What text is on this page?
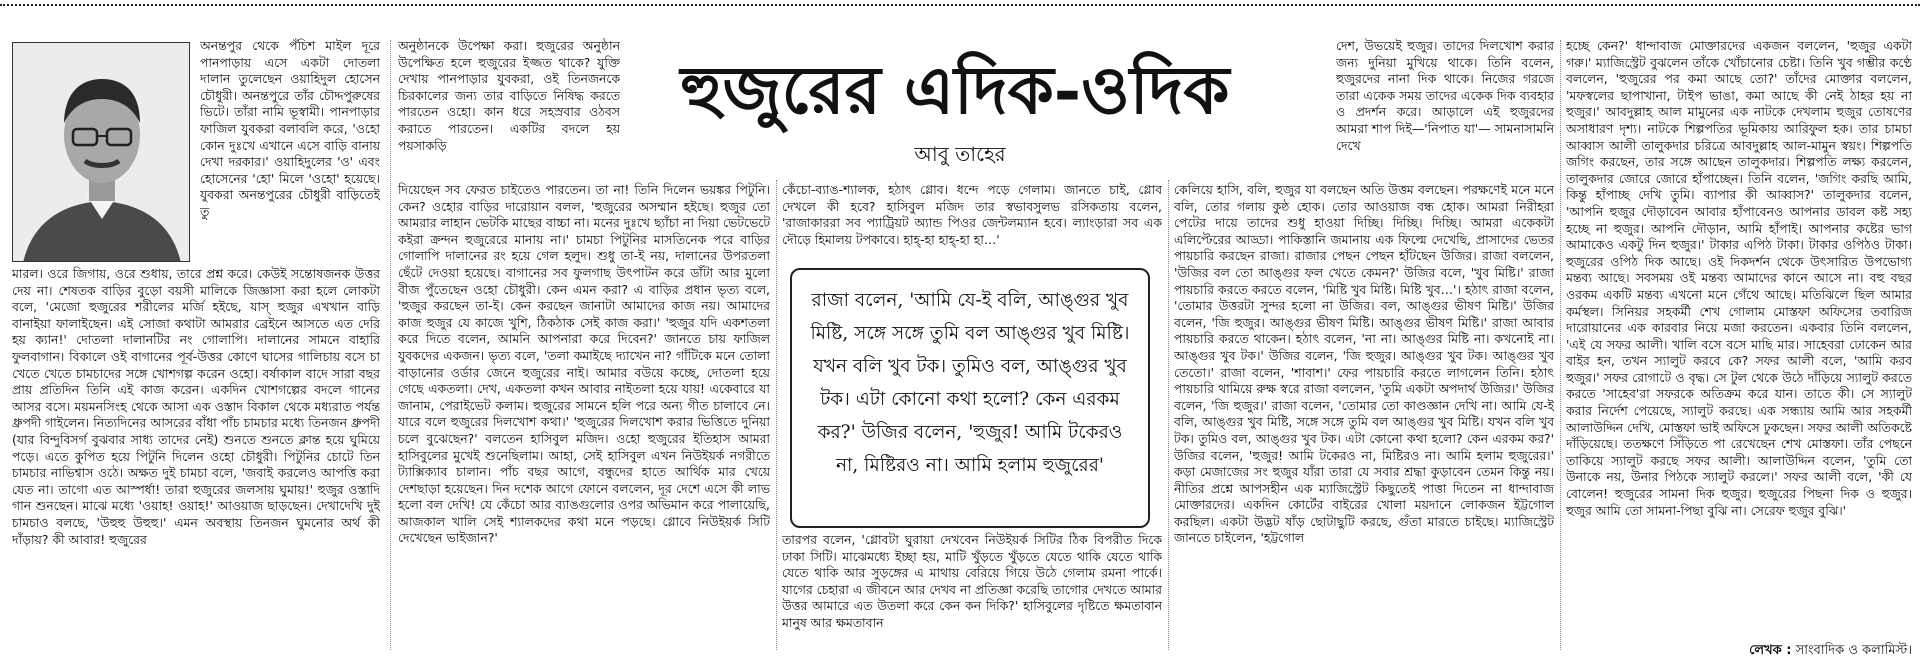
অনন্তপুর থেকে পঁচিশ মাইল দূরে পানপাড়ায় এসে একটা দোতলা দালান তুলেছেন ওয়াহিদুল হোসেন চৌধুরী। অনন্তপুরে তাঁর চৌদ্দপুরুষের ভিটে। তাঁরা নামি ভূস্বামী। পানপাড়ার ফাজিল যুবকরা বলাবলি করে, 'ওহো কোন দুঃখে এখানে এসে বাড়ি বানায় দেখা দরকার।' ওয়াহিদুলের 'ও' এবং হোসেনের 'হো' মিলে 'ওহো' হয়েছে। যুবকরা অনন্তপুরের চৌধুরী বাড়িতেই তু

মারল। ওরে জিগায়, ওরে শুধায়, তারে প্রশ্ন করে। কেউই সন্তোষজনক উত্তর দেয় না। শেষতক বাড়ির বুড়ো বয়সী মালিকে জিজ্ঞাসা করা হলে লোকটা বলে, 'মেজো হুজুরের শরীলের মর্জি হইছে, যাস্‌ হুজুর এখখান বাড়ি বানাইয়া ফালাইছেন। এই সোজা কথাটা আমরার ব্রেইনে আসতে এত দেরি হয় ক্যান!' দোতলা দালানটির নং গোলাপি। দালানের সামনে বাহারি ফুলবাগান। বিকালে ওই বাগানের পূর্ব-উত্তর কোণে ঘাসের গালিচায় বসে চা খেতে খেতে চামচাদের সঙ্গে খোশগল্প করেন ওহো। বর্ষাকাল বাদে সারা বছর প্রায় প্রতিদিন তিনি এই কাজ করেন। একদিন খোশগল্পের বদলে গানের আসর বসে। ময়মনসিংহ থেকে আসা এক ওস্তাদ বিকাল থেকে মধ্যরাত পর্যন্ত ধ্রুপদী গাইলেন। নিত্যদিনের আসরের বাঁধা পাঁচ চামচার মধ্যে তিনজন ধ্রুপদী (যার বিন্দুবিসর্গ বুঝবার সাধ্য তাদের নেই) শুনতে শুনতে ক্লান্ত হয়ে ঘুমিয়ে পড়ে। এতে কুপিত হয়ে পিটুনি দিলেন ওহো চৌধুরী। পিটুনির চোটে তিন চামচার নাভিশ্বাস ওঠে। অক্ষত দুই চামচা বলে, 'জবাই করলেও আপত্তি করা যেত না। তাগো এত আস্পর্ধা! তারা হুজুরের জলসায় ঘুমায়!' হুজুর ওস্তাদি গান শুনছেন। মাঝে মধ্যে 'ওয়াহ! ওয়াহ!' আওয়াজ ছাড়ছেন। দেখাদেখি দুই চামচাও বলছে, 'উহুহু উহুহু।' এমন অবস্থায় তিনজন ঘুমনোর অর্থ কী দাঁড়ায়? কী আবার! হুজুরের

অনুষ্ঠানকে উপেক্ষা করা। হুজুরের অনুষ্ঠান উপেক্ষিত হলে হুজুরের ইজ্জত থাকে? যুক্তি দেখায় পানপাড়ার যুবকরা, ওই তিনজনকে চিরকালের জন্য তার বাড়িতে নিষিদ্ধ করতে পারতেন ওহো। কান ধরে সহস্রবার ওঠবস করাতে পারতেন। একটির বদলে হয় পয়সাকড়ি

দিয়েছেন সব ফেরত চাইতেও পারতেন। তা না! তিনি দিলেন ভয়ঙ্কর পিটুনি। কেন? ওহোর বাড়ির দারোয়ান বলল, 'হুজুরের অসম্মান হইছে। হুজুর তো আমরার লাহান ভেটকি মাছের বাচ্চা না। মনের দুঃখে ছ্যাঁচা না দিয়া ভেটভেটে কইরা ক্রন্দন হুজুরেরে মানায় না।' চামচা পিটুনির মাসতিনেক পরে বাড়ির গোলাপি দালানের রং হয়ে গেল হলুদ। শুধু তা-ই নয়, দালানের উপরতলা ছেঁটে দেওয়া হয়েছে। বাগানের সব ফুলগাছ উৎপাটন করে ডাঁটা আর মুলো বীজ পুঁতেছেন ওহো চৌধুরী। কেন এমন করা? এ বাড়ির প্রধান ভৃত্য বলে, 'হুজুর করছেন তা-ই। কেন করছেন জানাটা আমাদের কাজ নয়। আমাদের কাজ হুজুর যে কাজে খুশি, ঠিকঠাক সেই কাজ করা।' 'হুজুর যদি একশতলা করে দিতে বলেন, আমনি আপনারা করে দিবেন?' জানতে চায় ফাজিল যুবকদের একজন। ভৃত্য বলে, 'তলা কমাইছে দ্যাখেন না? গাঁটিকে মনে তোলা বাড়ানোর ওর্ডার জেনে হুজুরের নাই। আমার বউয়ে কচ্ছে, দোতলা হয়ে গেছে একতলা। দেখ, একতলা কখন আবার নাইতলা হয়ে যায়! একেবারে যা জানাম, পেরাইভেট কলাম। হুজুরের সামনে হলি পরে অন্য গীত চালাবে নে। যারে বলে হুজুরের দিলখোশ কথা।' 'হুজুরের দিলখোশ করার ভিত্তিতে দুনিয়া চলে বুঝেছেন?' বলতেন হাসিবুল মজিদ। ওহো হুজুরের ইতিহাস আমরা হাসিবুলের মুখেই শুনেছিলাম। আহা, সেই হাসিবুল এখন নিউইয়র্ক নগরীতে ট্যাক্সিক্যাব চালান। পাঁচ বছর আগে, বন্ধুদের হাতে আর্থিক মার খেয়ে দেশছাড়া হয়েছেন। দিন দশেক আগে ফোনে বললেন, দূর দেশে এসে কী লাভ হলো বল দেখি! যে কেঁচো আর ব্যাঙগুলোর ওপর অভিমান করে পালায়েছি, আজকাল খালি সেই শ্যালকদের কথা মনে পড়ছে। গ্লোবে নিউইয়র্ক সিটি দেখেছেন ভাইজান?'

হুজুরের এদিক-ওদিক
আবু তাহের

কেঁচো-ব্যাঙ-শ্যালক, হঠাৎ গ্লোব। ধন্দে পড়ে গেলাম। জানতে চাই, গ্লোব দেখলে কী হবে? হাসিবুল মজিদ তার স্বভাবসুলভ রসিকতায় বলেন, 'রাজাকাররা সব প্যাট্রিয়ট অ্যান্ড পিওর জেন্টলম্যান হবে। ল্যাংড়ারা সব এক দৌড়ে হিমালয় টপকাবে। হাহ্‌-হা হাহ্‌-হা হা…'

রাজা বলেন, 'আমি যে-ই বলি, আঙ্গুর খুব মিষ্টি, সঙ্গে সঙ্গে তুমি বল আঙ্গুর খুব মিষ্টি। যখন বলি খুব টক। তুমিও বল, আঙ্গুর খুব টক। এটা কোনো কথা হলো? কেন এরকম কর?' উজির বলেন, 'হুজুর! আমি টকেরও না, মিষ্টিরও না। আমি হলাম হুজুরের'

তারপর বলেন, 'গ্লোবটা ঘুরায়া দেখবেন নিউইয়র্ক সিটির ঠিক বিপরীত দিকে ঢাকা সিটি। মাঝেমধ্যে ইচ্ছা হয়, মাটি খুঁড়তে খুঁড়তে যেতে থাকি যেতে থাকি যেতে থাকি আর সুড়ঙ্গের এ মাথায় বেরিয়ে গিয়ে উঠে গেলাম রমনা পার্কে। যাগের চেহারা এ জীবনে আর দেখব না প্রতিজ্ঞা করেছি তাগোর দেখতে আমার উত্তর আমারে এত উতলা করে কেন কন দিকি?' হাসিবুলের দৃষ্টিতে ক্ষমতাবান মানুষ আর ক্ষমতাবান

দেশ, উভয়েই হুজুর। তাদের দিলখোশ করার জন্য দুনিয়া মুখিয়ে থাকে। তিনি বলেন, হুজুরদের নানা দিক থাকে। নিজের গরজে তারা একেক সময় তাদের একেক দিক ব্যবহার ও প্রদর্শন করে। আড়ালে এই হুজুরদের আমরা শাপ দিই—'নিপাত যা'— সামনাসামনি দেখে

কেলিয়ে হাসি, বলি, হুজুর যা বলছেন অতি উত্তম বলছেন। পরক্ষণেই মনে মনে বলি, তোর গলায় কুষ্ঠ হোক। তোর আওয়াজ বন্ধ হোক। আমরা নিরীহরা পেটের দায়ে তাদের শুধু হাওয়া দিচ্ছি। দিচ্ছি। দিচ্ছি। আমরা একেকটা এলিপ্টেরের আড্ডা। পাকিস্তানি জমানায় এক ফিল্মে দেখেছি, প্রাসাদের ভেতর পায়চারি করছেন রাজা। রাজার পেছন পেছন হাঁটছেন উজির। রাজা বললেন, 'উজির বল তো আঙ্গুর ফল খেতে কেমন?' উজির বলে, 'খুব মিষ্টি।' রাজা পায়চারি করতে করতে বলেন, 'মিষ্টি খুব মিষ্টি। মিষ্টি খুব…'। হঠাৎ রাজা বলেন, 'তোমার উত্তরটা সুন্দর হলো না উজির। বল, আঙ্গুর ভীষণ মিষ্টি।' উজির বলেন, 'জি হুজুর। আঙ্গুর ভীষণ মিষ্টি। আঙ্গুর ভীষণ মিষ্টি।' রাজা আবার পায়চারি করতে থাকেন। হঠাৎ বলেন, 'না না। আঙ্গুর মিষ্টি না। কখনোই না। আঙ্গুর খুব টক।' উজির বলেন, 'জি হুজুর। আঙ্গুর খুব টক। আঙ্গুর খুব তেতো।' রাজা বলেন, 'শাবাশ।' ফের পায়চারি করতে লাগলেন তিনি। হঠাৎ পায়চারি থামিয়ে রুক্ষ স্বরে রাজা বললেন, 'তুমি একটা অপদার্থ উজির।' উজির বলেন, 'জি হুজুর।' রাজা বলেন, 'তোমার তো কাণ্ডজ্ঞান দেখি না। আমি যে-ই বলি, আঙ্গুর খুব মিষ্টি, সঙ্গে সঙ্গে তুমি বল আঙ্গুর খুব মিষ্টি। যখন বলি খুব টক। তুমিও বল, আঙ্গুর খুব টক। এটা কোনো কথা হলো? কেন এরকম কর?' উজির বলেন, 'হুজুর! আমি টকেরও না, মিষ্টিরও না। আমি হলাম হুজুরের।' কড়া মেজাজের সং হুজুর যাঁরা তারা যে সবার শ্রদ্ধা কুড়াবেন তেমন কিন্তু নয়। নীতির প্রশ্নে আপসহীন এক ম্যাজিস্ট্রেট কিছুতেই পাত্তা দিতেন না ধান্দাবাজ মোক্তারদের। একদিন কোর্টের বাইরের খোলা ময়দানে লোকজন ইট্টগোল করছিল। একটা উদ্ভট ষাঁড় ছোটাছুটি করছে, গুঁতা মারতে চাইছে। ম্যাজিস্ট্রেট জানতে চাইলেন, 'হট্টগোল

হচ্ছে কেন?' ধান্দাবাজ মোক্তারদের একজন বললেন, 'হুজুর একটা গরু।' ম্যাজিস্ট্রেট বুঝলেন তাঁকে খোঁচানোর চেষ্টা। তিনি খুব গম্ভীর কণ্ঠে বললেন, 'হুজুরের পর কমা আছে তো?' তাঁদের মোক্তার বললেন, 'মফস্বলের ছাপাখানা, টাইপ ভাঙা, কমা আছে কী নেই ঠাহর হয় না হুজুর।' আবদুল্লাহ আল মামুনের এক নাটকে দেখলাম হুজুর তোষণের অসাধারণ দৃশ্য। নাটকে শিল্পপতির ভূমিকায় আরিফুল হক। তার চামচা আব্বাস আলী তালুকদার চরিত্রে আবদুল্লাহ আল-মামুন স্বয়ং। শিল্পপতি জগিং করছেন, তার সঙ্গে আছেন তালুকদার। শিল্পপতি লক্ষ্য করলেন, তালুকদার জোরে জোরে হাঁপাচ্ছেন। তিনি বলেন, 'জগিং করছি আমি, কিন্তু হাঁপাচ্ছ দেখি তুমি। ব্যাপার কী আব্বাস?' তালুকদার বলেন, 'আপনি হুজুর দৌড়াবেন আবার হাঁপাবেনও আপনার ডাবল কষ্ট সহ্য হচ্ছে না হুজুর। আপনি দৌড়ান, আমি হাঁপাই। আপনার কষ্টের ভাগ আমাকেও একটু দিন হুজুর।' টাকার এপিঠ টাকা। টাকার ওপিঠও টাকা। হুজুরের ওপিঠ দিক আছে। ওই দিকদর্শন থেকে উৎসারিত উপভোগ্য মন্তব্য আছে। সবসময় ওই মন্তব্য আমাদের কানে আসে না। বহু বছর ওরকম একটি মন্তব্য এখনো মনে গেঁথে আছে। মতিঝিলে ছিল আমার কর্মস্থল। সিনিয়র সহকর্মী শেখ গোলাম মোস্তফা অফিসের তবারিজ দারোয়ানের এক কারবার নিয়ে মজা করতেন। একবার তিনি বললেন, 'এই যে সফর আলী। খালি বসে বসে মাছি মার। সাহেবরা ঢোকেন আর বাইর হন, তখন স্যালুট করবে কে? সফর আলী বলে, 'আমি করব হুজুর।' সফর রোগাটে ও বৃদ্ধ। সে টুল থেকে উঠে দাঁড়িয়ে স্যালুট করতে করতে 'সাহেব'রা সফরকে অতিক্রম করে যান। তাতে কী। সে স্যালুট করার নির্দেশ পেয়েছে, স্যালুট করছে। এক সন্ধ্যায় আমি আর সহকর্মী আলাউদ্দিন দেখি, মোস্তফা ভাই অফিসে ঢুকছেন। সফর আলী অতিকষ্টে দাঁড়িয়েছে। ততক্ষণে সিঁড়িতে পা রেখেছেন শেখ মোস্তফা। তাঁর পেছনে তাকিয়ে স্যালুট করছে সফর আলী। আলাউদ্দিন বলেন, 'তুমি তো উনাকে নয়, উনার পিঠকে স্যালুট করলে।' সফর আলী বলে, 'কী যে বোলেন! হুজুরের সামনা দিক হুজুর। হুজুরের পিছনা দিক ও হুজুর। হুজুর আমি তো সামনা-পিছা বুঝি না। সেরেফ হুজুর বুঝি।'

লেখক : সাংবাদিক ও কলামিস্ট।
